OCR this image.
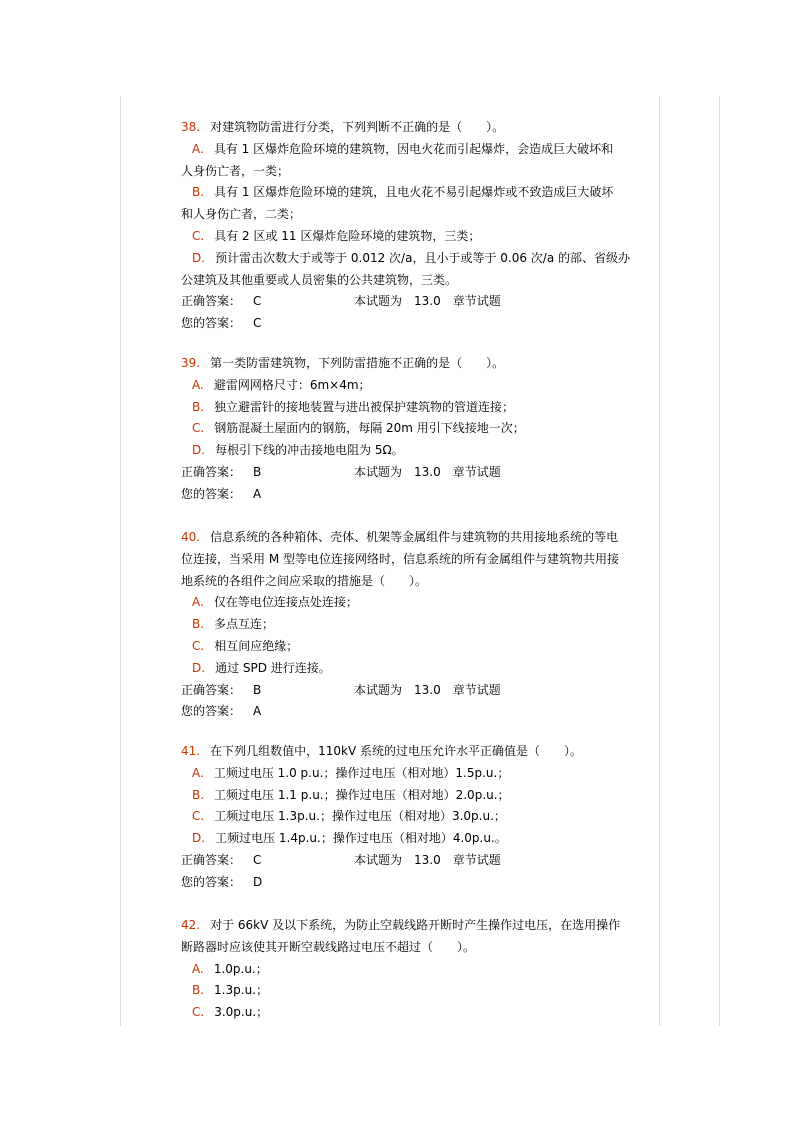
38. 对建筑物防雷进行分类，下列判断不正确的是（　　）。

A. 具有 1 区爆炸危险环境的建筑物，因电火花而引起爆炸，会造成巨大破坏和

人身伤亡者，一类；

B. 具有 1 区爆炸危险环境的建筑，且电火花不易引起爆炸或不致造成巨大破坏

和人身伤亡者，二类；

C. 具有 2 区或 11 区爆炸危险环境的建筑物，三类；

D. 预计雷击次数大于或等于 0.012 次/a，且小于或等于 0.06 次/a 的部、省级办

公建筑及其他重要或人员密集的公共建筑物，三类。

正确答案： C	本试题为 13.0 章节试题

您的答案： C

39. 第一类防雷建筑物，下列防雷措施不正确的是（　　）。

A. 避雷网网格尺寸：6m×4m；

B. 独立避雷针的接地装置与进出被保护建筑物的管道连接；

C. 钢筋混凝土屋面内的钢筋，每隔 20m 用引下线接地一次；

D. 每根引下线的冲击接地电阻为 5Ω。

正确答案： B	本试题为 13.0 章节试题

您的答案： A

40. 信息系统的各种箱体、壳体、机架等金属组件与建筑物的共用接地系统的等电

位连接，当采用 M 型等电位连接网络时，信息系统的所有金属组件与建筑物共用接

地系统的各组件之间应采取的措施是（　　）。

A. 仅在等电位连接点处连接；

B. 多点互连；

C. 相互间应绝缘；

D. 通过 SPD 进行连接。

正确答案： B	本试题为 13.0 章节试题

您的答案： A

41. 在下列几组数值中，110kV 系统的过电压允许水平正确值是（　　）。

A. 工频过电压 1.0 p.u.；操作过电压（相对地）1.5p.u.；

B. 工频过电压 1.1 p.u.；操作过电压（相对地）2.0p.u.；

C. 工频过电压 1.3p.u.；操作过电压（相对地）3.0p.u.；

D. 工频过电压 1.4p.u.；操作过电压（相对地）4.0p.u.。

正确答案： C	本试题为 13.0 章节试题

您的答案： D

42. 对于 66kV 及以下系统，为防止空载线路开断时产生操作过电压，在选用操作

断路器时应该使其开断空载线路过电压不超过（　　）。

A. 1.0p.u.；

B. 1.3p.u.；

C. 3.0p.u.；
